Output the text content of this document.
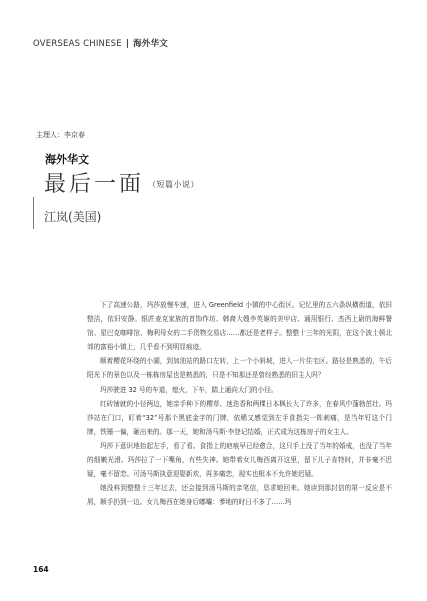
OVERSEAS CHINESE | 海外华文
主理人：李京春
海外华文
最后一面 （短篇小说）
江岚(美国)

下了高速公路，玛莎放慢车速，进入 Greenfield 小镇的中心街区。记忆里的五六条纵横街道，依旧整洁，依旧安静。银匠麦克家族的首饰作坊、韩裔大嫂李英姬的美甲店、通用银行、杰西上尉的海鲜餐馆、星巴克咖啡馆、梅利母女的二手货物交易店……都还是老样子。整整十三年的光阴，在这个波士顿北郊的富裕小镇上，几乎看不到明显痕迹。

顺着樱花环绕的小湖，到加油站的路口左转，上一个小斜坡，进入一片住宅区。路径是熟悉的，午后阳光下的景色以及一栋栋房屋也是熟悉的，只是不知那还是曾经熟悉的旧主人吗？

玛莎驶进 32 号的车道，熄火，下车，踏上通向大门的小径。

红砖铺就的小径两边，她亲手种下的樱草、迷迭香和两棵日本枫长大了许多，在春风中蓬勃茁壮。玛莎站在门口，盯着“32”号那个黑底金字的门牌，依稀又感觉到左手食指尖一阵刺痛，是当年钉这个门牌，铁锤一偏，砸出来的。那一天，她和汤马斯·李登记结婚，正式成为这栋房子的女主人。

玛莎下意识地抬起左手，看了看。食指上的疤痕早已经愈合，这只手上没了当年的婚戒，也没了当年的细嫩光滑。玛莎拉了一下嘴角，有些失神。她带着女儿梅西离开这里，留下儿子肯特时，并非毫不迟疑，毫不留恋。可汤马斯执意迎娶新欢，再多痛恋，现实也根本不允许她迟疑。

她没料到整整十三年过去，还会接到汤马斯的亲笔信，恳求她回来。她读到那封信的第一反应是不屑，顺手扔到一边。女儿梅西在她身后嘟囔：爹地的时日不多了……玛

164
